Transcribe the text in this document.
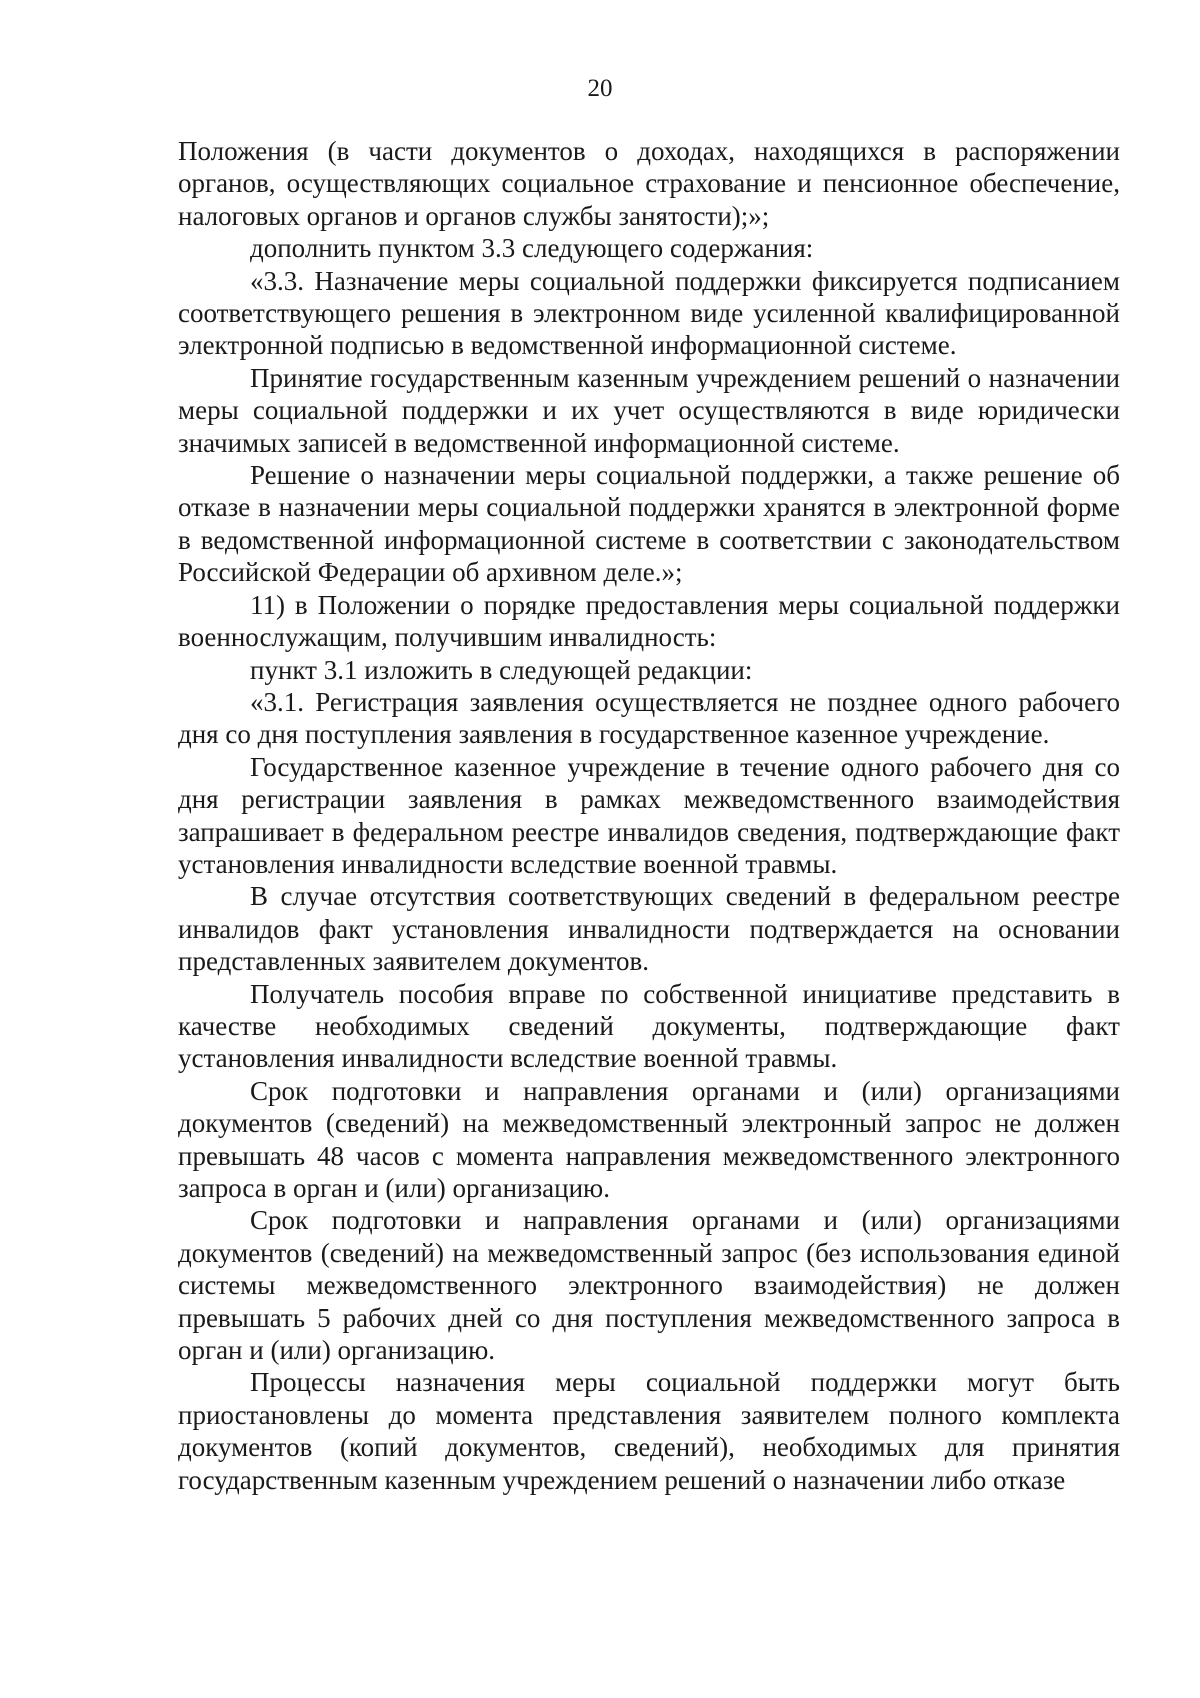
20

Положения (в части документов о доходах, находящихся в распоряжении органов, осуществляющих социальное страхование и пенсионное обеспечение, налоговых органов и органов службы занятости);»;

дополнить пунктом 3.3 следующего содержания:

«3.3. Назначение меры социальной поддержки фиксируется подписанием соответствующего решения в электронном виде усиленной квалифицированной электронной подписью в ведомственной информационной системе.

Принятие государственным казенным учреждением решений о назначении меры социальной поддержки и их учет осуществляются в виде юридически значимых записей в ведомственной информационной системе.

Решение о назначении меры социальной поддержки, а также решение об отказе в назначении меры социальной поддержки хранятся в электронной форме в ведомственной информационной системе в соответствии с законодательством Российской Федерации об архивном деле.»;

11) в Положении о порядке предоставления меры социальной поддержки военнослужащим, получившим инвалидность:

пункт 3.1 изложить в следующей редакции:

«3.1. Регистрация заявления осуществляется не позднее одного рабочего дня со дня поступления заявления в государственное казенное учреждение.

Государственное казенное учреждение в течение одного рабочего дня со дня регистрации заявления в рамках межведомственного взаимодействия запрашивает в федеральном реестре инвалидов сведения, подтверждающие факт установления инвалидности вследствие военной травмы.

В случае отсутствия соответствующих сведений в федеральном реестре инвалидов факт установления инвалидности подтверждается на основании представленных заявителем документов.

Получатель пособия вправе по собственной инициативе представить в качестве необходимых сведений документы, подтверждающие факт установления инвалидности вследствие военной травмы.

Срок подготовки и направления органами и (или) организациями документов (сведений) на межведомственный электронный запрос не должен превышать 48 часов с момента направления межведомственного электронного запроса в орган и (или) организацию.

Срок подготовки и направления органами и (или) организациями документов (сведений) на межведомственный запрос (без использования единой системы межведомственного электронного взаимодействия) не должен превышать 5 рабочих дней со дня поступления межведомственного запроса в орган и (или) организацию.

Процессы назначения меры социальной поддержки могут быть приостановлены до момента представления заявителем полного комплекта документов (копий документов, сведений), необходимых для принятия государственным казенным учреждением решений о назначении либо отказе
